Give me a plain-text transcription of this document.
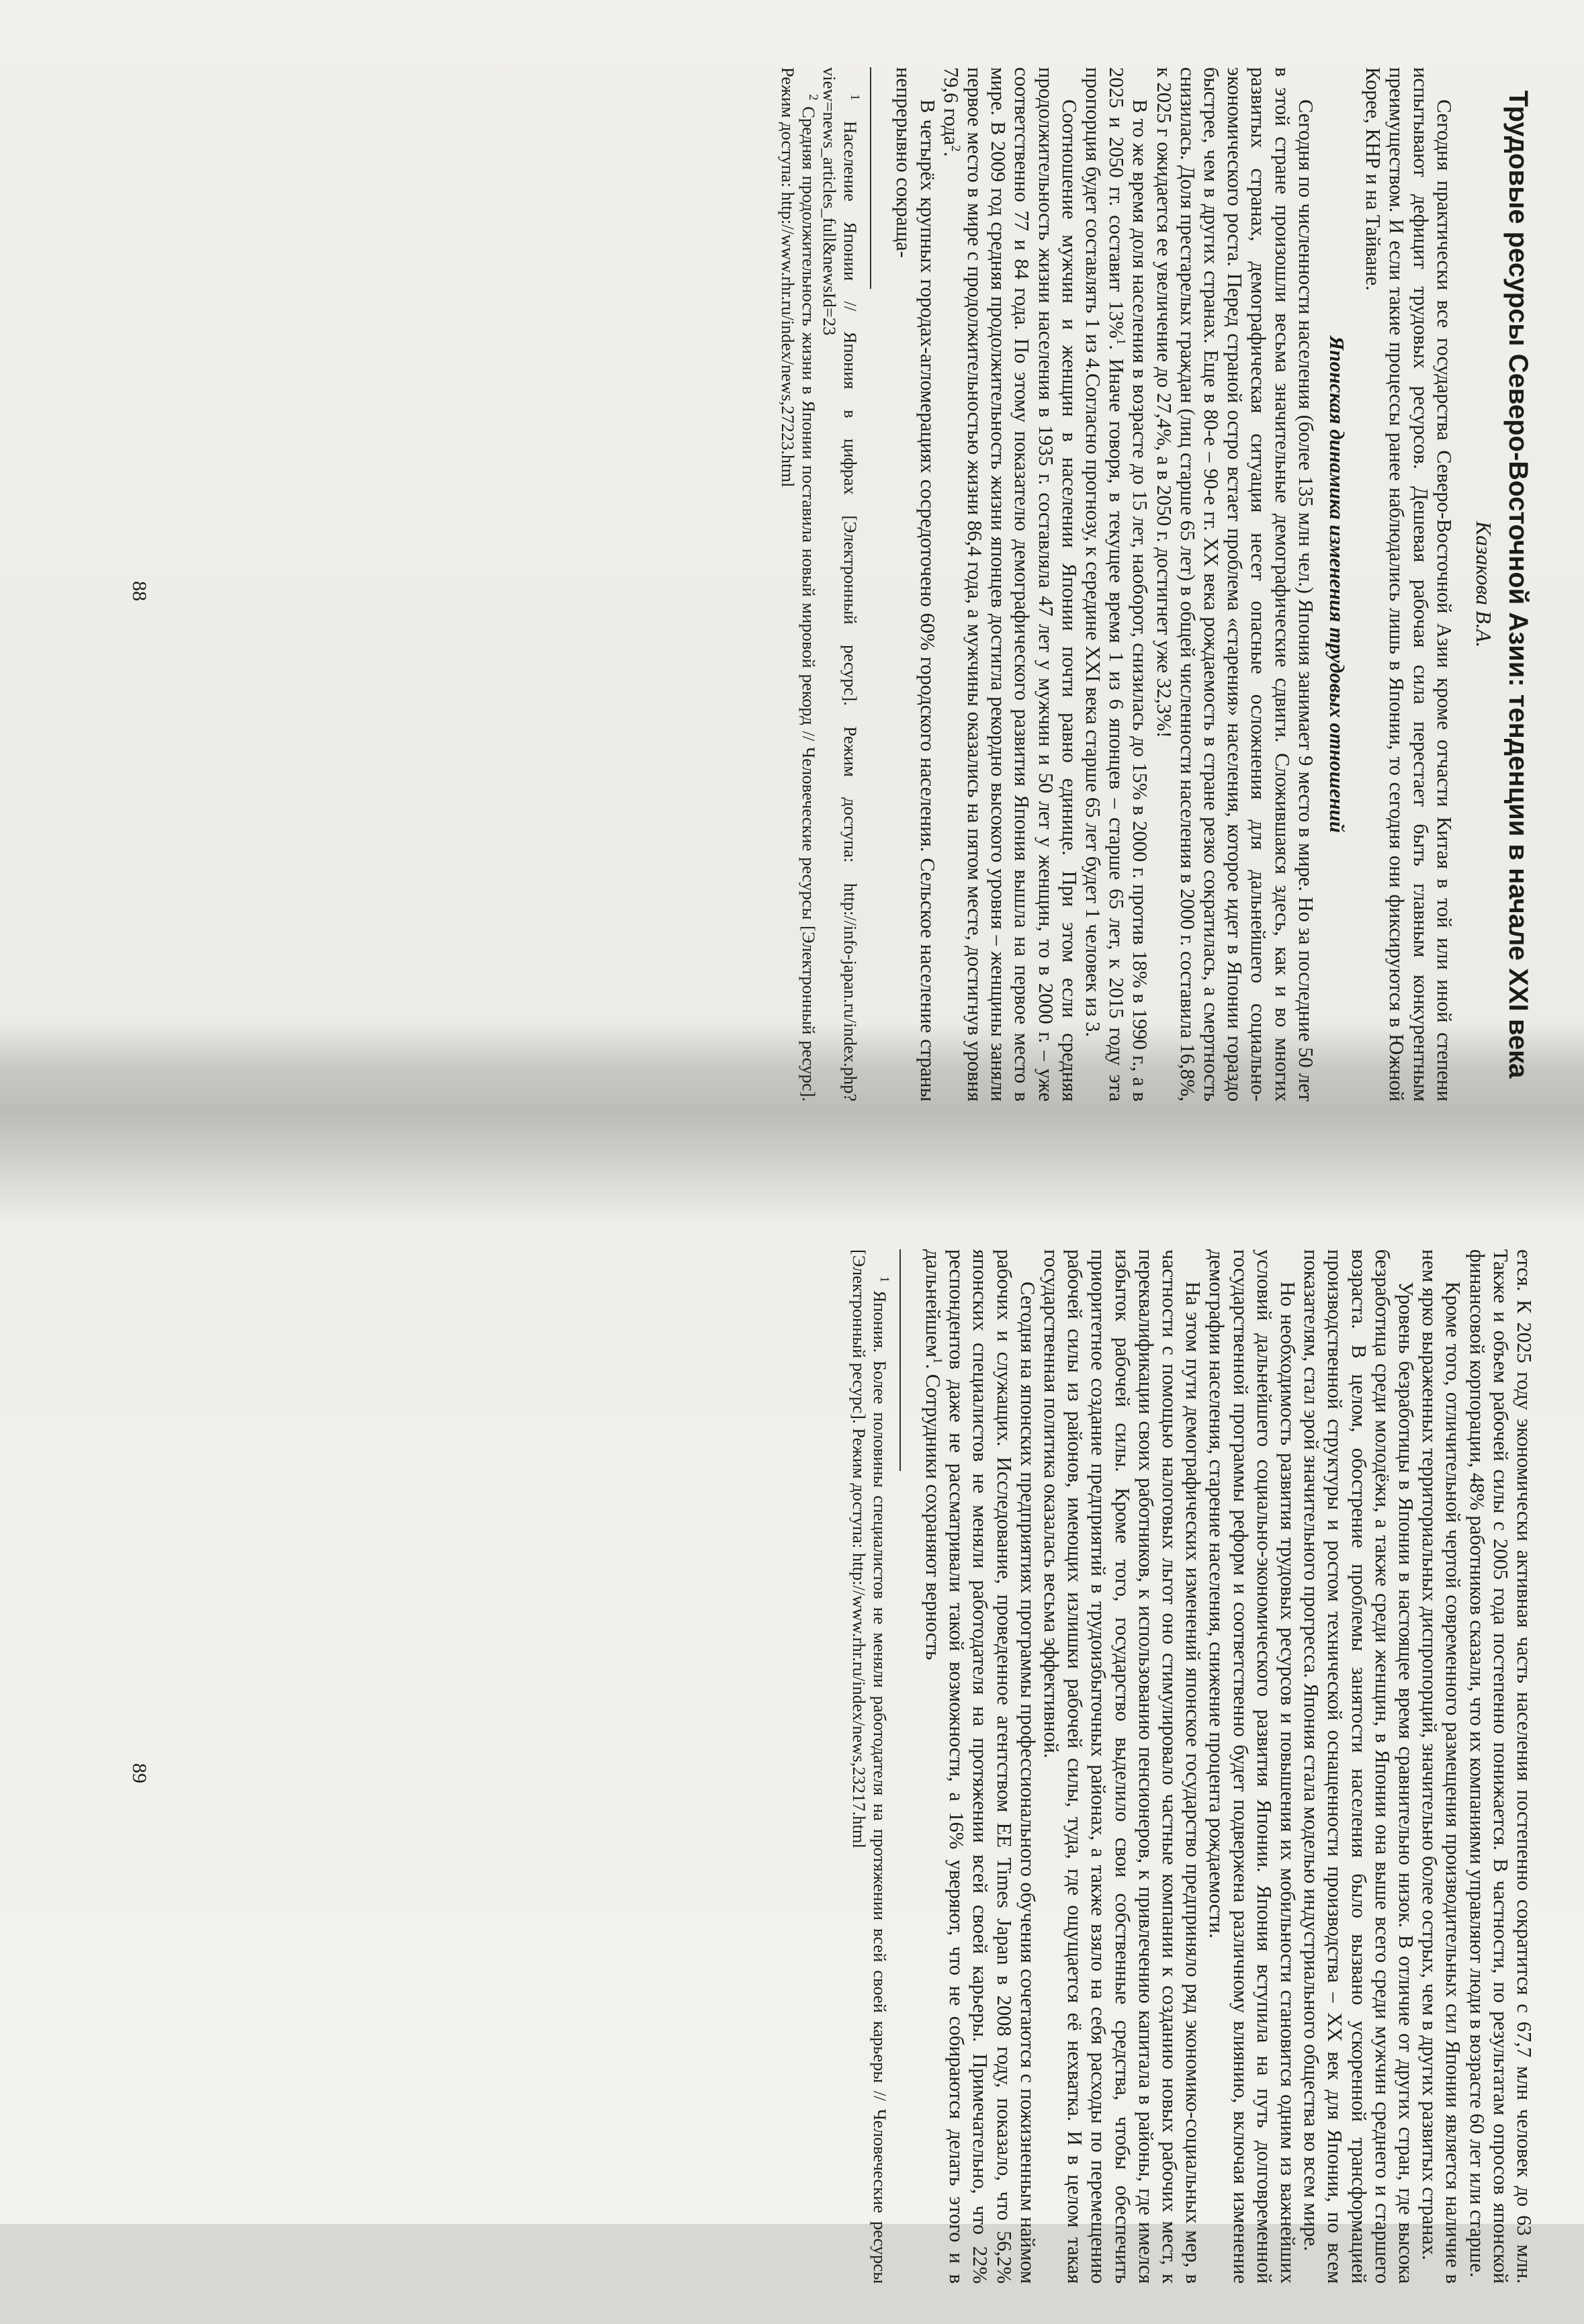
Трудовые ресурсы Северо-Восточной Азии: тенденции в начале XXI века
Казакова В.А.

Сегодня практически все государства Северо-Восточной Азии кроме отчасти Китая в той или иной степени испытывают дефицит трудовых ресурсов. Дешевая рабочая сила перестает быть главным конкурентным преимуществом. И если такие процессы ранее наблюдались лишь в Японии, то сегодня они фиксируются в Южной Корее, КНР и на Тайване.

Японская динамика изменения трудовых отношений

Сегодня по численности населения (более 135 млн чел.) Япония занимает 9 место в мире. Но за последние 50 лет в этой стране произошли весьма значительные демографические сдвиги. Сложившаяся здесь, как и во многих развитых странах, демографическая ситуация несет опасные осложнения для дальнейшего социально-экономического роста. Перед страной остро встает проблема «старения» населения, которое идет в Японии гораздо быстрее, чем в других странах. Еще в 80-е – 90-е гг. XX века рождаемость в стране резко сократилась, а смертность снизилась. Доля престарелых граждан (лиц старше 65 лет) в общей численности населения в 2000 г. составила 16,8%, к 2025 г ожидается ее увеличение до 27,4%, а в 2050 г. достигнет уже 32,3%!

В то же время доля населения в возрасте до 15 лет, наоборот, снизилась до 15% в 2000 г. против 18% в 1990 г., а в 2025 и 2050 гг. составит 13%$^1$. Иначе говоря, в текущее время 1 из 6 японцев – старше 65 лет, к 2015 году эта пропорция будет составлять 1 из 4.Согласно прогнозу, к середине XXI века старше 65 лет будет 1 человек из 3.

Соотношение мужчин и женщин в населении Японии почти равно единице. При этом если средняя продолжительность жизни населения в 1935 г. составляла 47 лет у мужчин и 50 лет у женщин, то в 2000 г. – уже соответственно 77 и 84 года. По этому показателю демографического развития Япония вышла на первое место в мире. В 2009 год средняя продолжительность жизни японцев достигла рекордно высокого уровня – женщины заняли первое место в мире с продолжительностью жизни 86,4 года, а мужчины оказались на пятом месте, достигнув уровня 79,6 года$^2$.

В четырёх крупных городах-агломерациях сосредоточено 60% городского населения. Сельское население страны непрерывно сокраща-

$^1$ Население Японии // Япония в цифрах [Электронный ресурс]. Режим доступа: http://info-japan.ru/index.php?view=news_articles_full&newsId=23

$^2$ Средняя продолжительность жизни в Японии поставила новый мировой рекорд // Человеческие ресурсы [Электронный ресурс]. Режим доступа: http://www.rhr.ru/index/news,27223.html

88

ется. К 2025 году экономически активная часть населения постепенно сократится с 67,7 млн человек до 63 млн. Также и объем рабочей силы с 2005 года постепенно понижается. В частности, по результатам опросов японской финансовой корпорации, 48% работников сказали, что их компаниями управляют люди в возрасте 60 лет или старше.

Кроме того, отличительной чертой современного размещения производительных сил Японии является наличие в нем ярко выраженных территориальных диспропорций, значительно более острых, чем в других развитых странах.

Уровень безработицы в Японии в настоящее время сравнительно низок. В отличие от других стран, где высока безработица среди молодёжи, а также среди женщин, в Японии она выше всего среди мужчин среднего и старшего возраста. В целом, обострение проблемы занятости населения было вызвано ускоренной трансформацией производственной структуры и ростом технической оснащенности производства – XX век для Японии, по всем показателям, стал эрой значительного прогресса. Япония стала моделью индустриального общества во всем мире.

Но необходимость развития трудовых ресурсов и повышения их мобильности становится одним из важнейших условий дальнейшего социально-экономического развития Японии. Япония вступила на путь долговременной государственной программы реформ и соответственно будет подвержена различному влиянию, включая изменение демографии населения, старение населения, снижение процента рождаемости.

На этом пути демографических изменений японское государство предприняло ряд экономико-социальных мер, в частности с помощью налоговых льгот оно стимулировало частные компании к созданию новых рабочих мест, к переквалификации своих работников, к использованию пенсионеров, к привлечению капитала в районы, где имелся избыток рабочей силы. Кроме того, государство выделило свои собственные средства, чтобы обеспечить приоритетное создание предприятий в трудоизбыточных районах, а также взяло на себя расходы по перемещению рабочей силы из районов, имеющих излишки рабочей силы, туда, где ощущается её нехватка. И в целом такая государственная политика оказалась весьма эффективной.

Сегодня на японских предприятиях программы профессионального обучения сочетаются с пожизненным наймом рабочих и служащих. Исследование, проведенное агентством EE Times Japan в 2008 году, показало, что 56,2% японских специалистов не меняли работодателя на протяжении всей своей карьеры. Примечательно, что 22% респондентов даже не рассматривали такой возможности, а 16% уверяют, что не собираются делать этого и в дальнейшем$^1$. Сотрудники сохраняют верность

$^1$ Япония. Более половины специалистов не меняли работодателя на протяжении всей своей карьеры // Человеческие ресурсы [Электронный ресурс]. Режим доступа: http://www.rhr.ru/index/news,23217.html

89
